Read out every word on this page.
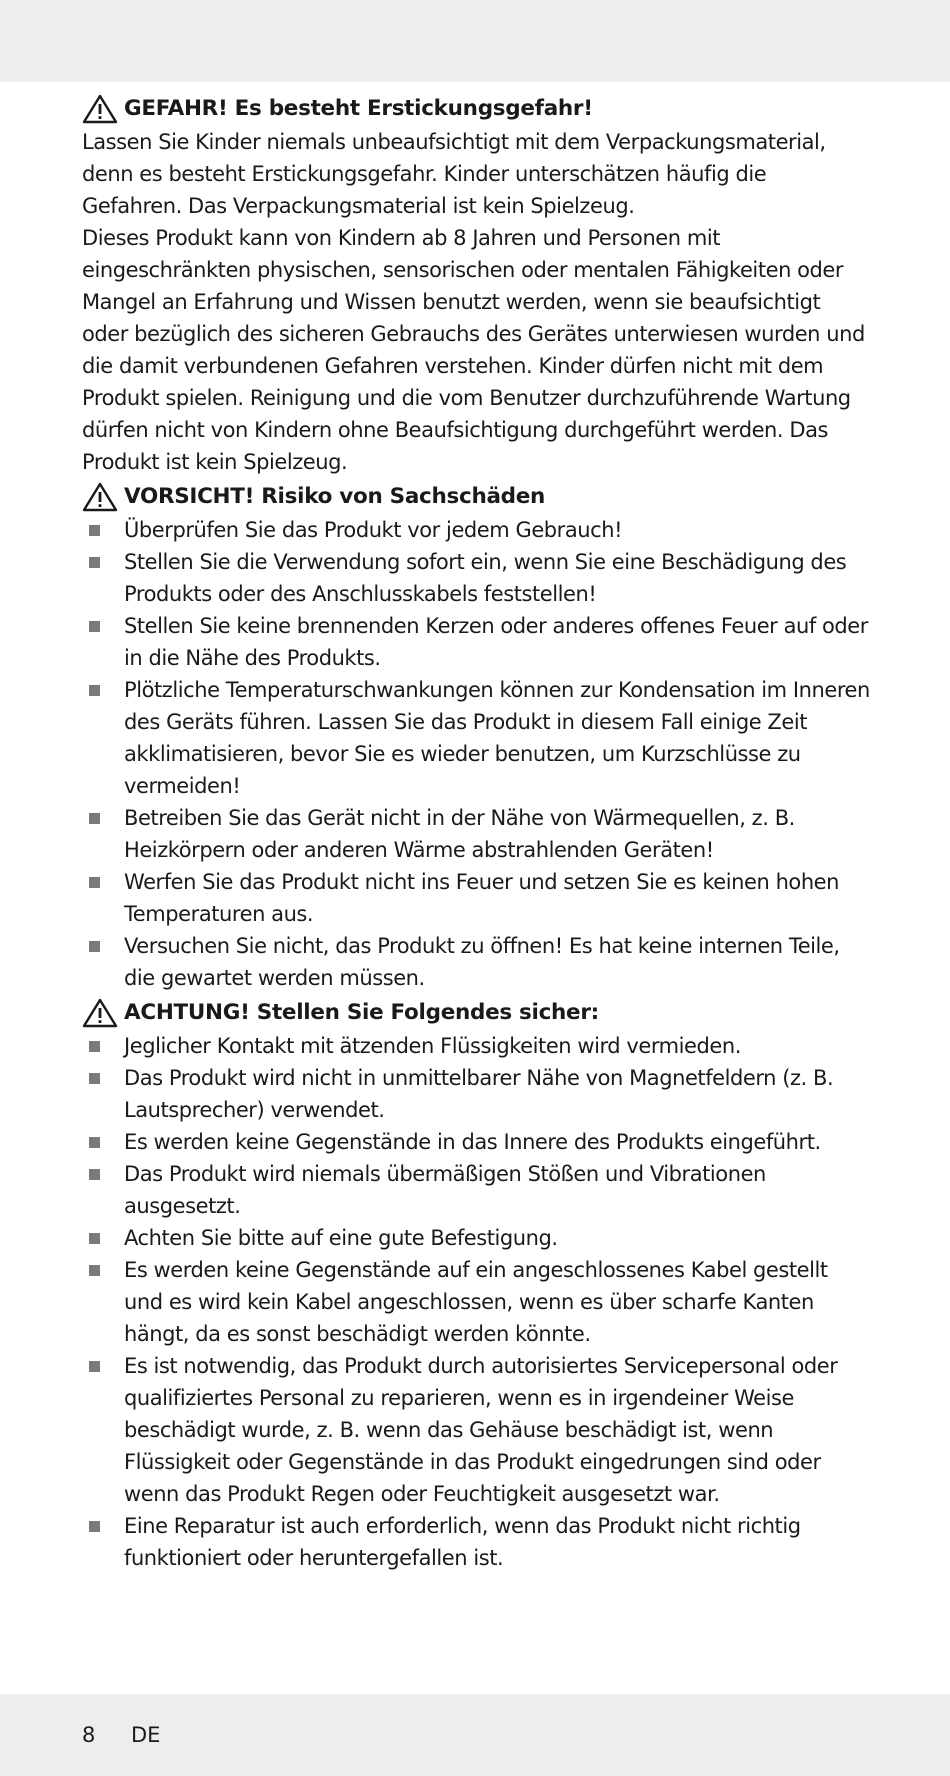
GEFAHR! Es besteht Erstickungsgefahr!

Lassen Sie Kinder niemals unbeaufsichtigt mit dem Verpackungsmaterial, denn es besteht Erstickungsgefahr. Kinder unterschätzen häufig die Gefahren. Das Verpackungsmaterial ist kein Spielzeug.

Dieses Produkt kann von Kindern ab 8 Jahren und Personen mit eingeschränkten physischen, sensorischen oder mentalen Fähigkeiten oder Mangel an Erfahrung und Wissen benutzt werden, wenn sie beaufsichtigt oder bezüglich des sicheren Gebrauchs des Gerätes unterwiesen wurden und die damit verbundenen Gefahren verstehen. Kinder dürfen nicht mit dem Produkt spielen. Reinigung und die vom Benutzer durchzuführende Wartung dürfen nicht von Kindern ohne Beaufsichtigung durchgeführt werden. Das Produkt ist kein Spielzeug.

VORSICHT! Risiko von Sachschäden
Überprüfen Sie das Produkt vor jedem Gebrauch!
Stellen Sie die Verwendung sofort ein, wenn Sie eine Beschädigung des Produkts oder des Anschlusskabels feststellen!
Stellen Sie keine brennenden Kerzen oder anderes offenes Feuer auf oder in die Nähe des Produkts.
Plötzliche Temperaturschwankungen können zur Kondensation im Inneren des Geräts führen. Lassen Sie das Produkt in diesem Fall einige Zeit akklimatisieren, bevor Sie es wieder benutzen, um Kurzschlüsse zu vermeiden!
Betreiben Sie das Gerät nicht in der Nähe von Wärmequellen, z. B. Heizkörpern oder anderen Wärme abstrahlenden Geräten!
Werfen Sie das Produkt nicht ins Feuer und setzen Sie es keinen hohen Temperaturen aus.
Versuchen Sie nicht, das Produkt zu öffnen! Es hat keine internen Teile, die gewartet werden müssen.
ACHTUNG! Stellen Sie Folgendes sicher:
Jeglicher Kontakt mit ätzenden Flüssigkeiten wird vermieden.
Das Produkt wird nicht in unmittelbarer Nähe von Magnetfeldern (z. B. Lautsprecher) verwendet.
Es werden keine Gegenstände in das Innere des Produkts eingeführt.
Das Produkt wird niemals übermäßigen Stößen und Vibrationen ausgesetzt.
Achten Sie bitte auf eine gute Befestigung.
Es werden keine Gegenstände auf ein angeschlossenes Kabel gestellt und es wird kein Kabel angeschlossen, wenn es über scharfe Kanten hängt, da es sonst beschädigt werden könnte.
Es ist notwendig, das Produkt durch autorisiertes Servicepersonal oder qualifiziertes Personal zu reparieren, wenn es in irgendeiner Weise beschädigt wurde, z. B. wenn das Gehäuse beschädigt ist, wenn Flüssigkeit oder Gegenstände in das Produkt eingedrungen sind oder wenn das Produkt Regen oder Feuchtigkeit ausgesetzt war.
Eine Reparatur ist auch erforderlich, wenn das Produkt nicht richtig funktioniert oder heruntergefallen ist.
8 DE
